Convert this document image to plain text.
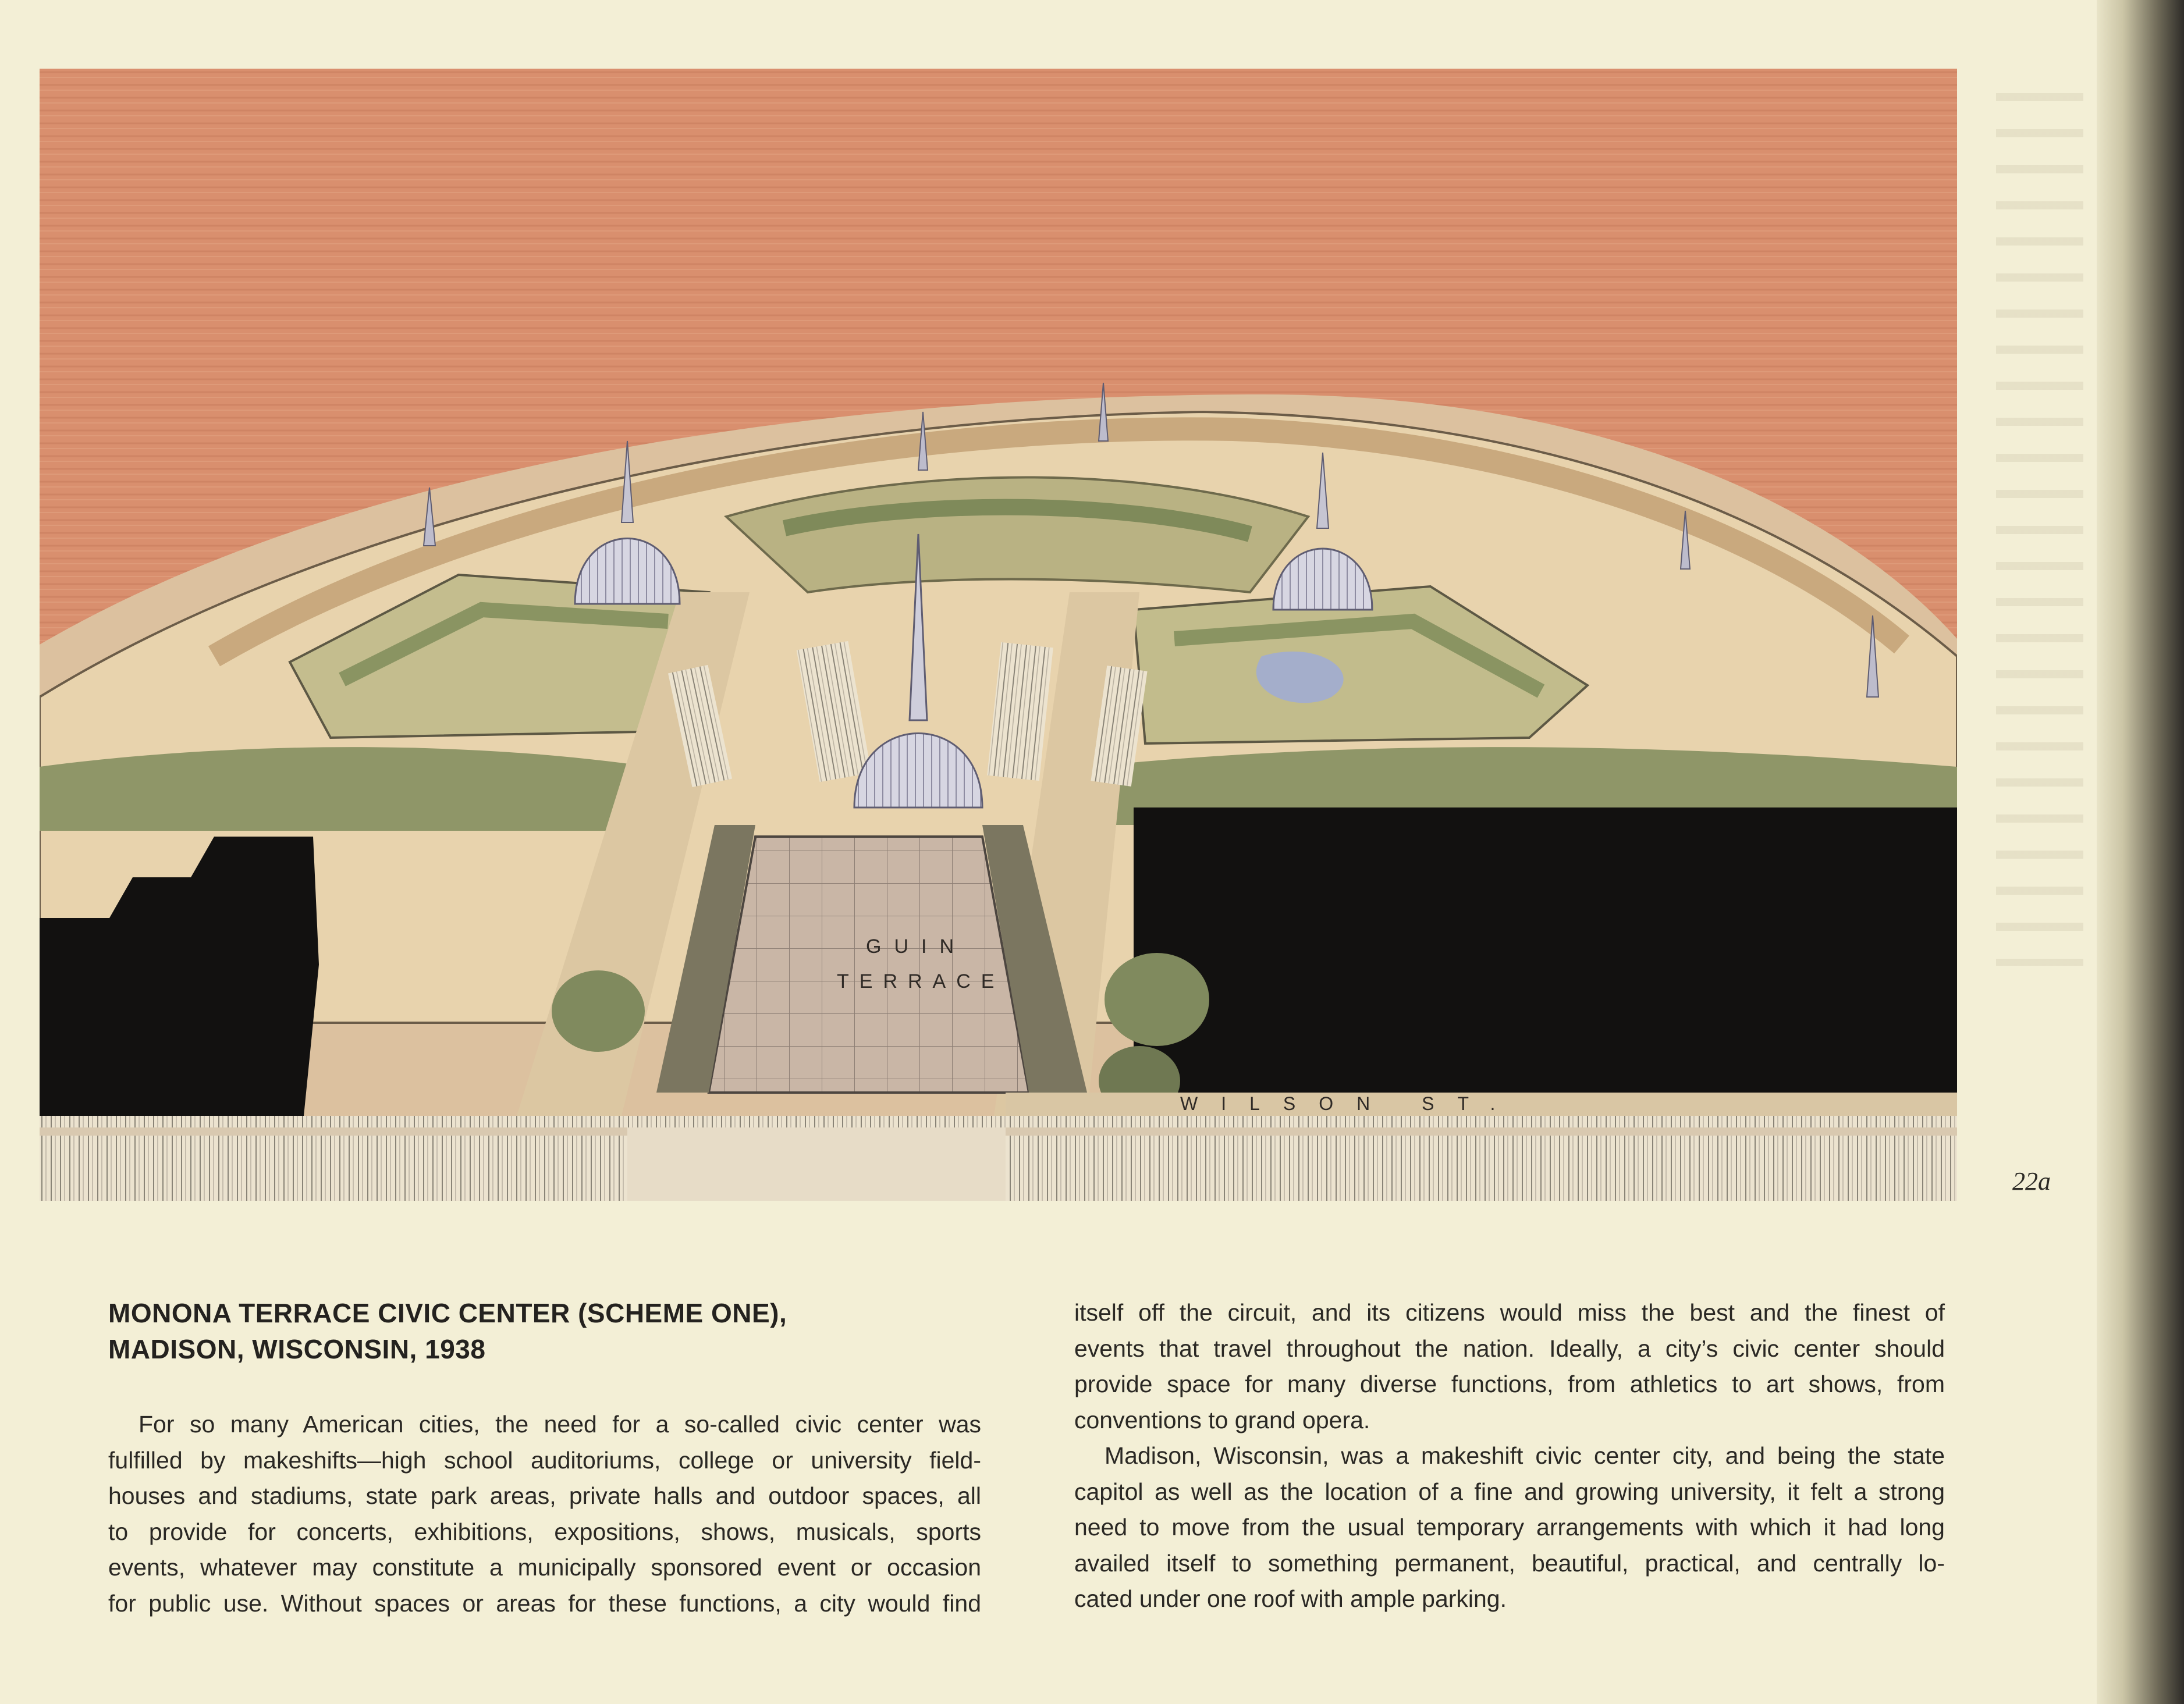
GUIN
TERRACE
WILSON ST.
22a
MONONA TERRACE CIVIC CENTER (SCHEME ONE),
MADISON, WISCONSIN, 1938
For so many American cities, the need for a so-called civic center was
fulfilled by makeshifts—high school auditoriums, college or university field-
houses and stadiums, state park areas, private halls and outdoor spaces, all
to provide for concerts, exhibitions, expositions, shows, musicals, sports
events, whatever may constitute a municipally sponsored event or occasion
for public use. Without spaces or areas for these functions, a city would find
itself off the circuit, and its citizens would miss the best and the finest of
events that travel throughout the nation. Ideally, a city’s civic center should
provide space for many diverse functions, from athletics to art shows, from
conventions to grand opera.
Madison, Wisconsin, was a makeshift civic center city, and being the state
capitol as well as the location of a fine and growing university, it felt a strong
need to move from the usual temporary arrangements with which it had long
availed itself to something permanent, beautiful, practical, and centrally lo-
cated under one roof with ample parking.
